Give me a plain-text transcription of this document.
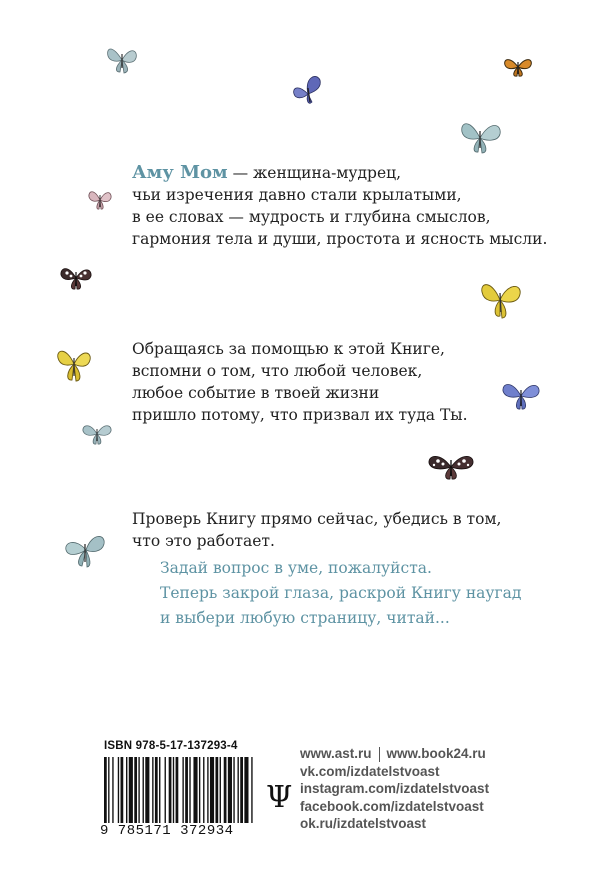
Аму Мом — женщина-мудрец,
чьи изречения давно стали крылатыми,
в ее словах — мудрость и глубина смыслов,
гармония тела и души, простота и ясность мысли.
Обращаясь за помощью к этой Книге,
вспомни о том, что любой человек,
любое событие в твоей жизни
пришло потому, что призвал их туда Ты.
Проверь Книгу прямо сейчас, убедись в том,
что это работает.
Задай вопрос в уме, пожалуйста.
Теперь закрой глаза, раскрой Книгу наугад
и выбери любую страницу, читай...
ISBN 978-5-17-137293-4
9 785171 372934
Ψ
www.ast.ru www.book24.ru
vk.com/izdatelstvoast
instagram.com/izdatelstvoast
facebook.com/izdatelstvoast
ok.ru/izdatelstvoast
